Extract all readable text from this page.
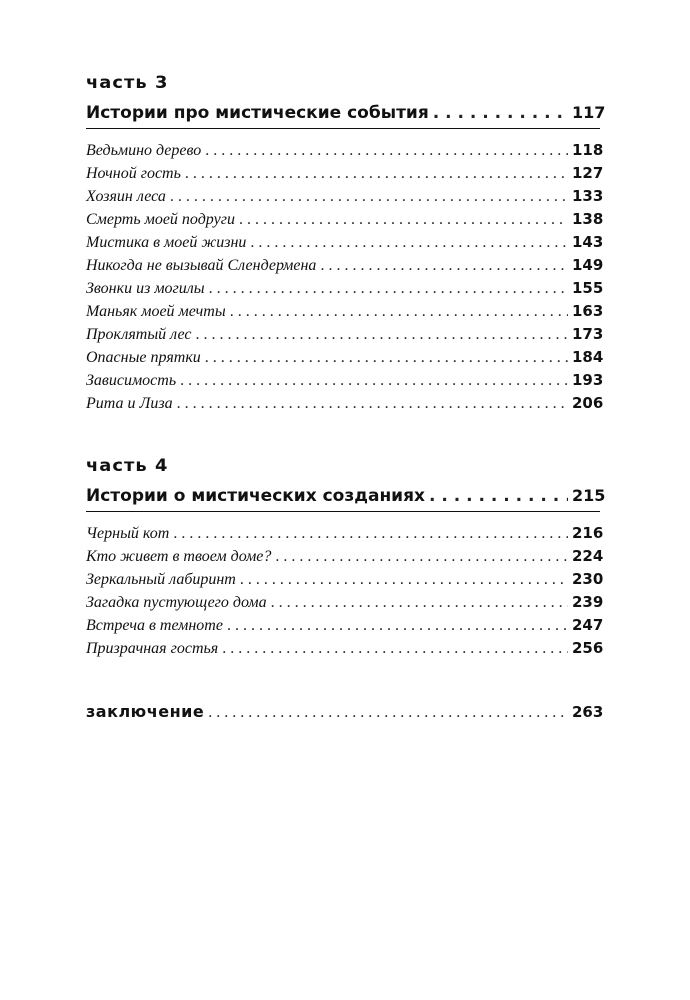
часть 3
Истории про мистические события . . .	117
Ведьмино дерево . . .	118
Ночной гость . . .	127
Хозяин леса . . .	133
Смерть моей подруги . . .	138
Мистика в моей жизни . . .	143
Никогда не вызывай Слендермена . . .	149
Звонки из могилы . . .	155
Маньяк моей мечты . . .	163
Проклятый лес . . .	173
Опасные прятки . . .	184
Зависимость . . .	193
Рита и Лиза . . .	206
часть 4
Истории о мистических созданиях . . .	215
Черный кот . . .	216
Кто живет в твоем доме? . . .	224
Зеркальный лабиринт . . .	230
Загадка пустующего дома . . .	239
Встреча в темноте . . .	247
Призрачная гостья . . .	256
заключение . . .	263
